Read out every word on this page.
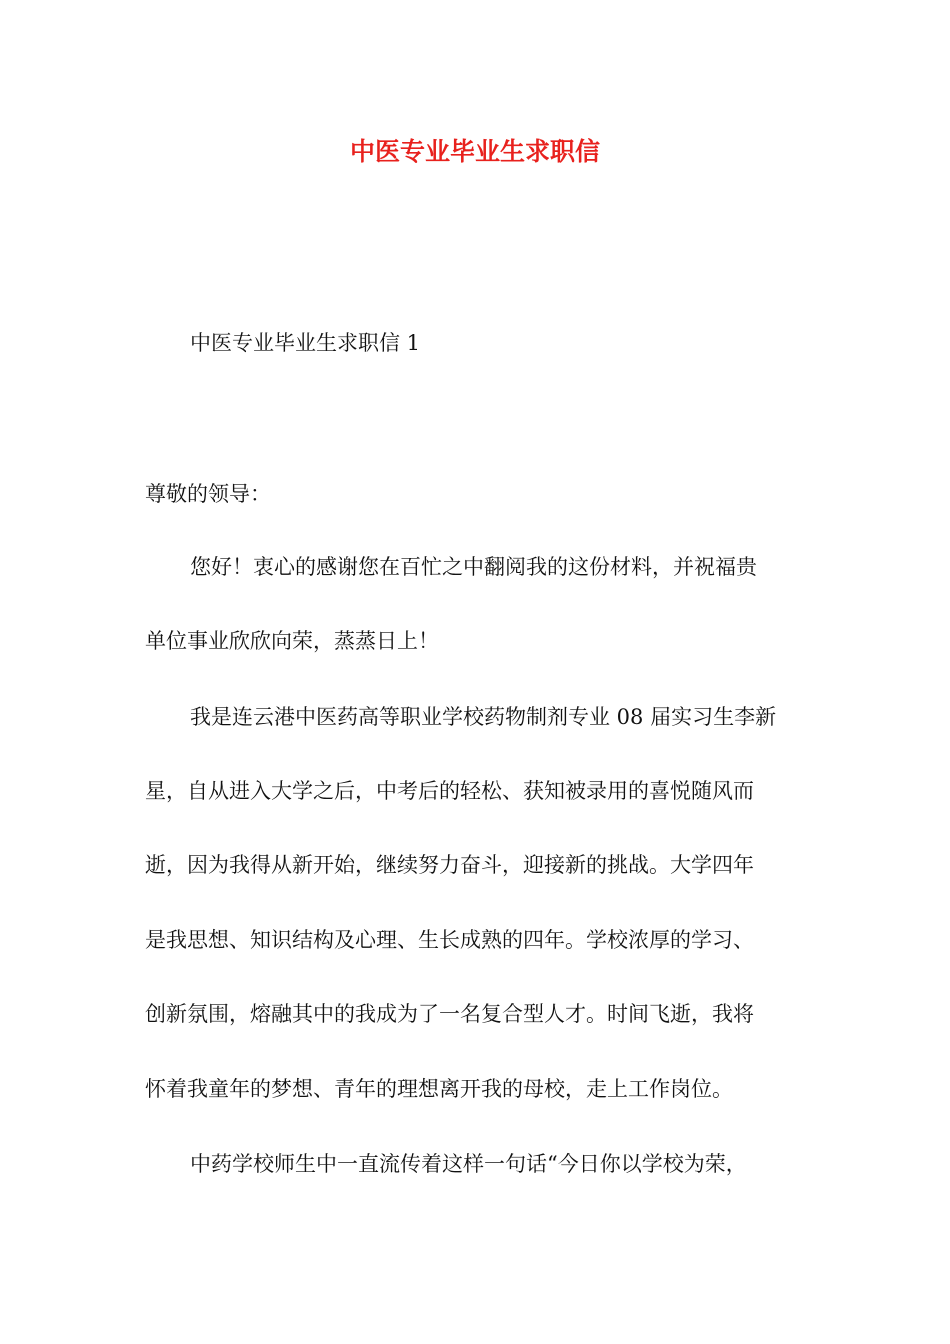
中医专业毕业生求职信
中医专业毕业生求职信 1
尊敬的领导：
您好！衷心的感谢您在百忙之中翻阅我的这份材料，并祝福贵
单位事业欣欣向荣，蒸蒸日上！
我是连云港中医药高等职业学校药物制剂专业 08 届实习生李新
星，自从进入大学之后，中考后的轻松、获知被录用的喜悦随风而
逝，因为我得从新开始，继续努力奋斗，迎接新的挑战。大学四年
是我思想、知识结构及心理、生长成熟的四年。学校浓厚的学习、
创新氛围，熔融其中的我成为了一名复合型人才。时间飞逝，我将
怀着我童年的梦想、青年的理想离开我的母校，走上工作岗位。
中药学校师生中一直流传着这样一句话“今日你以学校为荣，
